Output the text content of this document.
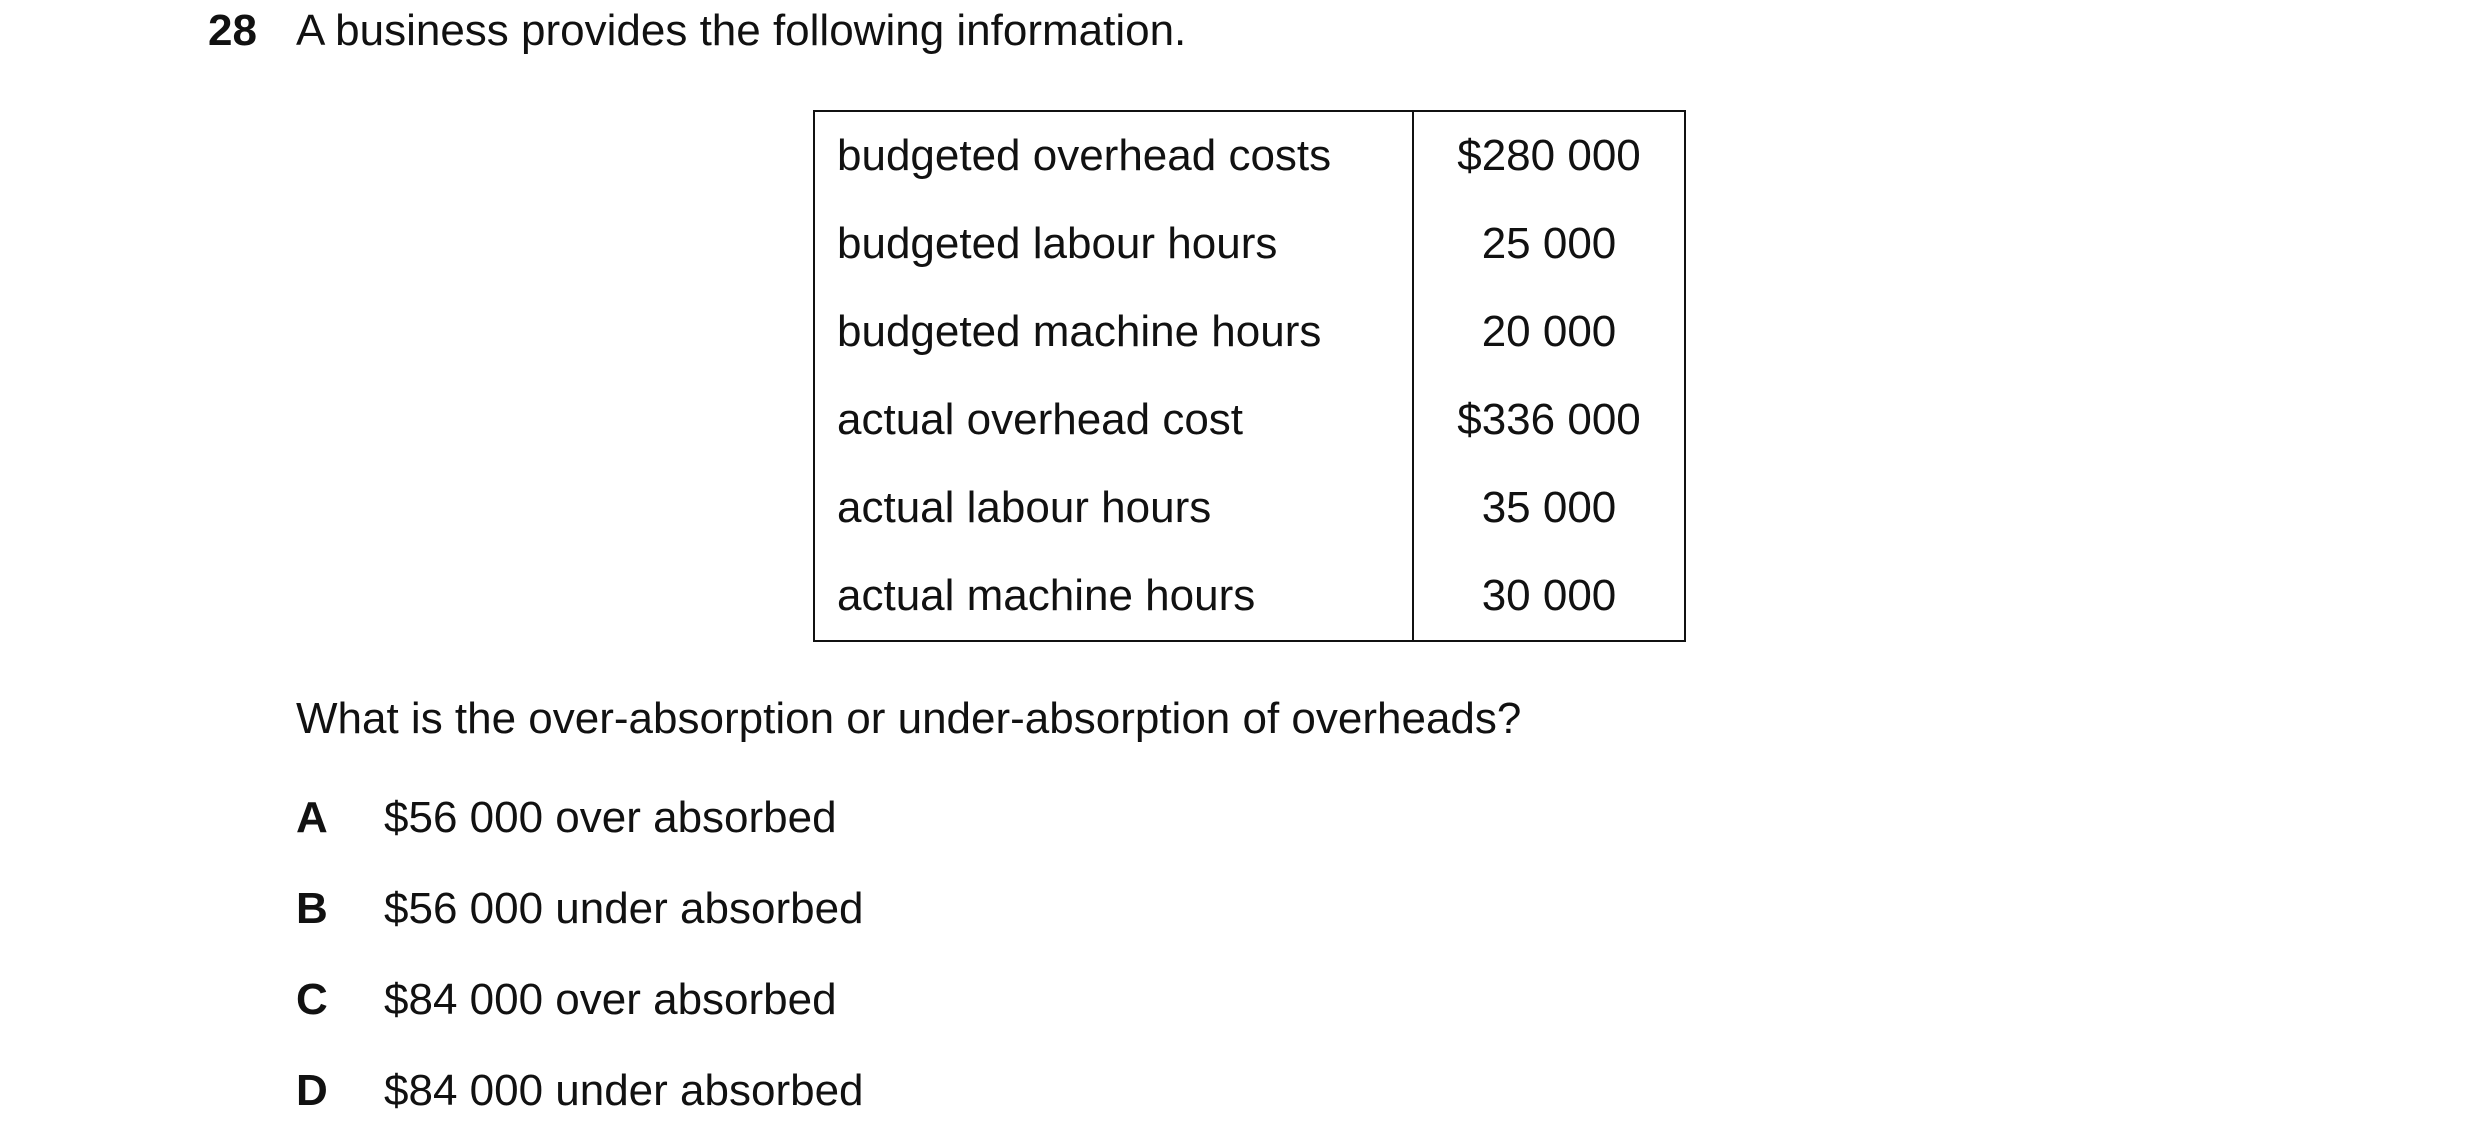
28 A business provides the following information.
budgeted overhead costs	$280 000
budgeted labour hours	25 000
budgeted machine hours	20 000
actual overhead cost	$336 000
actual labour hours	35 000
actual machine hours	30 000
What is the over-absorption or under-absorption of overheads?
A $56 000 over absorbed
B $56 000 under absorbed
C $84 000 over absorbed
D $84 000 under absorbed
